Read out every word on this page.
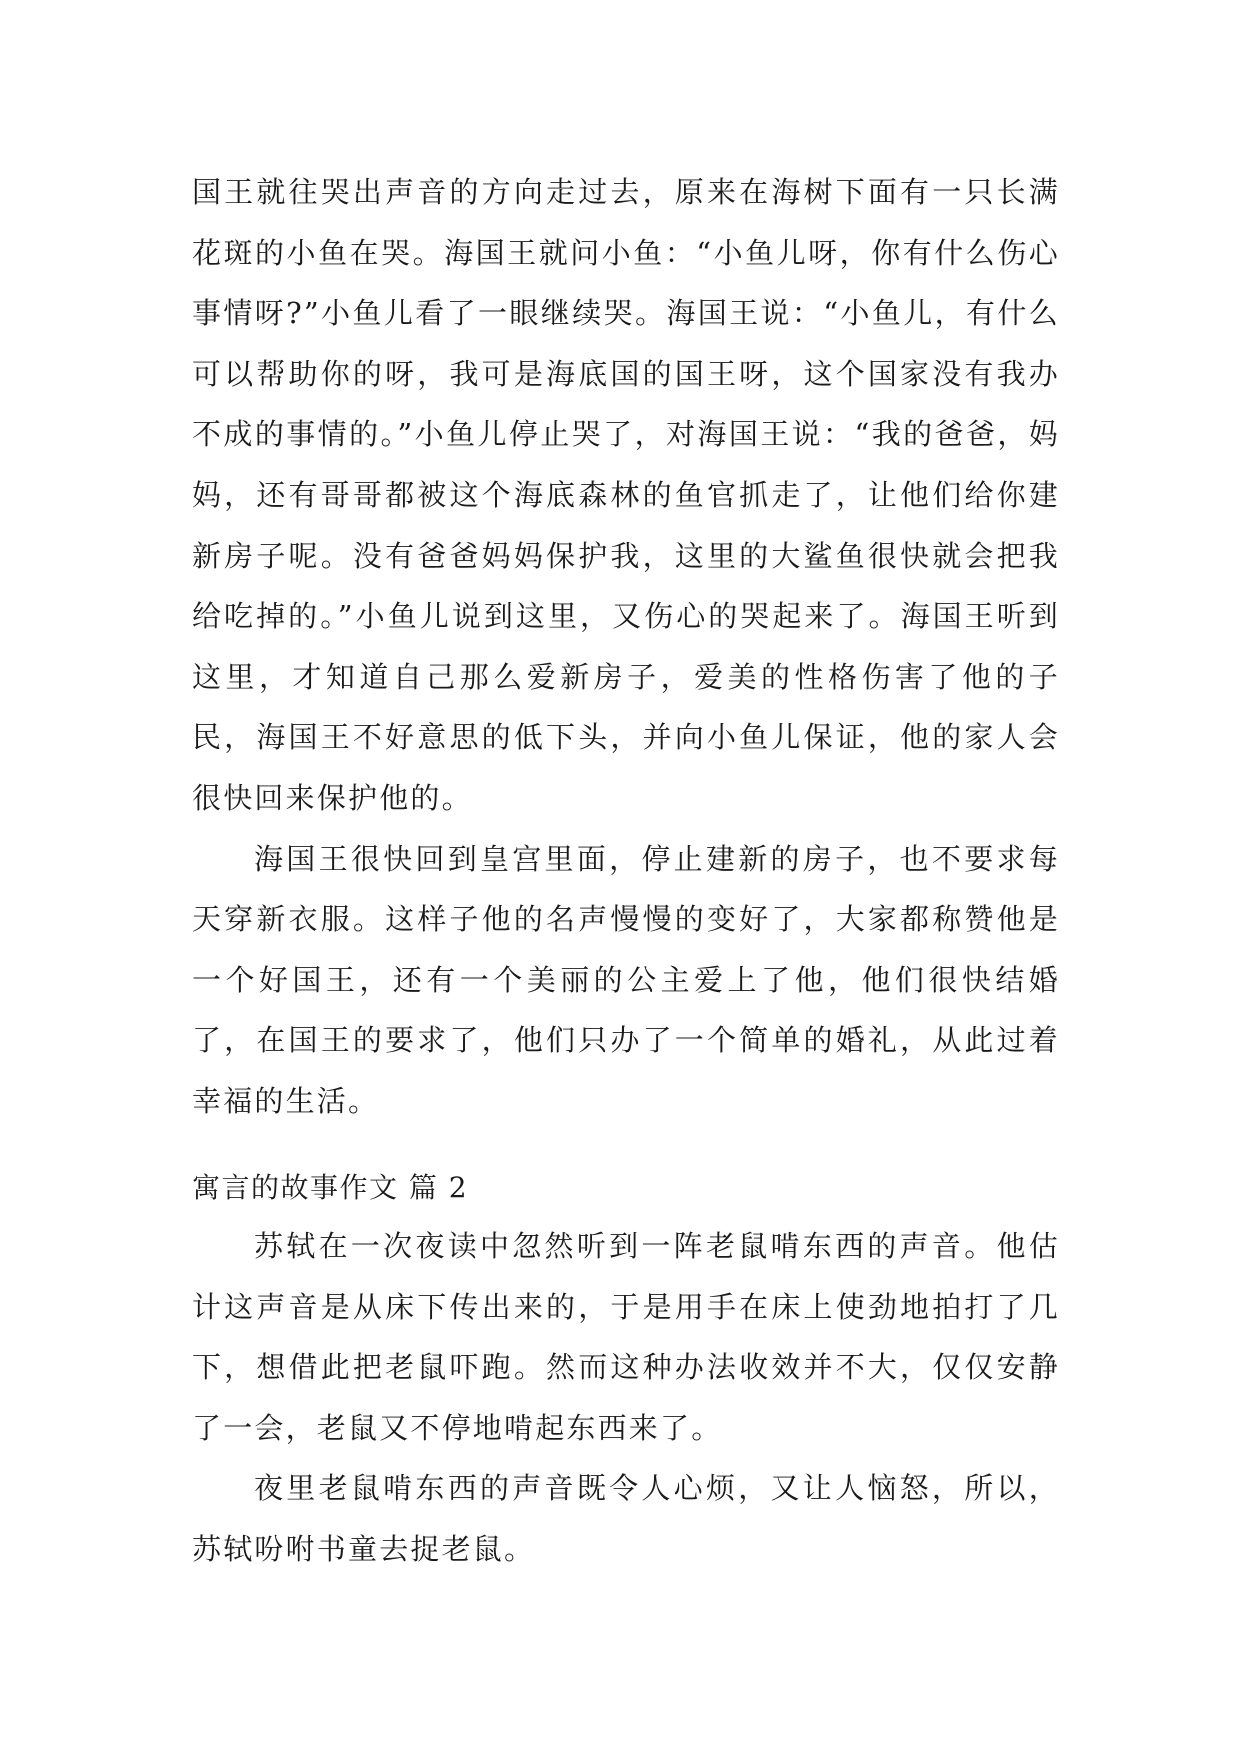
国王就往哭出声音的方向走过去，原来在海树下面有一只长满花斑的小鱼在哭。海国王就问小鱼：“小鱼儿呀，你有什么伤心事情呀?”小鱼儿看了一眼继续哭。海国王说：“小鱼儿，有什么可以帮助你的呀，我可是海底国的国王呀，这个国家没有我办不成的事情的。”小鱼儿停止哭了，对海国王说：“我的爸爸，妈妈，还有哥哥都被这个海底森林的鱼官抓走了，让他们给你建新房子呢。没有爸爸妈妈保护我，这里的大鲨鱼很快就会把我给吃掉的。”小鱼儿说到这里，又伤心的哭起来了。海国王听到这里，才知道自己那么爱新房子，爱美的性格伤害了他的子民，海国王不好意思的低下头，并向小鱼儿保证，他的家人会很快回来保护他的。

海国王很快回到皇宫里面，停止建新的房子，也不要求每天穿新衣服。这样子他的名声慢慢的变好了，大家都称赞他是一个好国王，还有一个美丽的公主爱上了他，他们很快结婚了，在国王的要求了，他们只办了一个简单的婚礼，从此过着幸福的生活。

寓言的故事作文 篇 2

苏轼在一次夜读中忽然听到一阵老鼠啃东西的声音。他估计这声音是从床下传出来的，于是用手在床上使劲地拍打了几下，想借此把老鼠吓跑。然而这种办法收效并不大，仅仅安静了一会，老鼠又不停地啃起东西来了。

夜里老鼠啃东西的声音既令人心烦，又让人恼怒，所以，苏轼吩咐书童去捉老鼠。
